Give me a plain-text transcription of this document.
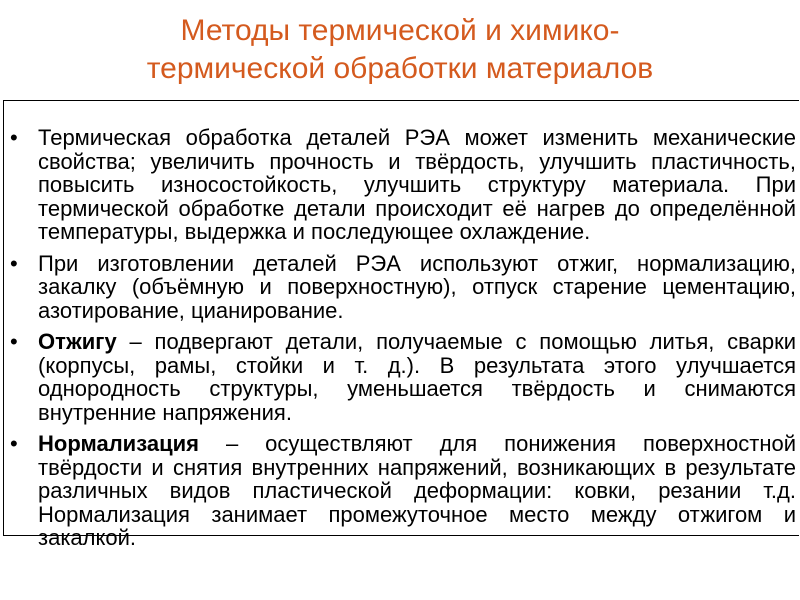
Методы термической и химико-
термической обработки материалов
• Термическая обработка деталей РЭА может изменить механические свойства; увеличить прочность и твёрдость, улучшить пластичность, повысить износостойкость, улучшить структуру материала. При термической обработке детали происходит её нагрев до определённой температуры, выдержка и последующее охлаждение.
• При изготовлении деталей РЭА используют отжиг, нормализацию, закалку (объёмную и поверхностную), отпуск старение цементацию, азотирование, цианирование.
• Отжигу – подвергают детали, получаемые с помощью литья, сварки (корпусы, рамы, стойки и т. д.). В результата этого улучшается однородность структуры, уменьшается твёрдость и снимаются внутренние напряжения.
• Нормализация – осуществляют для понижения поверхностной твёрдости и снятия внутренних напряжений, возникающих в результате различных видов пластической деформации: ковки, резании т.д. Нормализация занимает промежуточное место между отжигом и закалкой.
